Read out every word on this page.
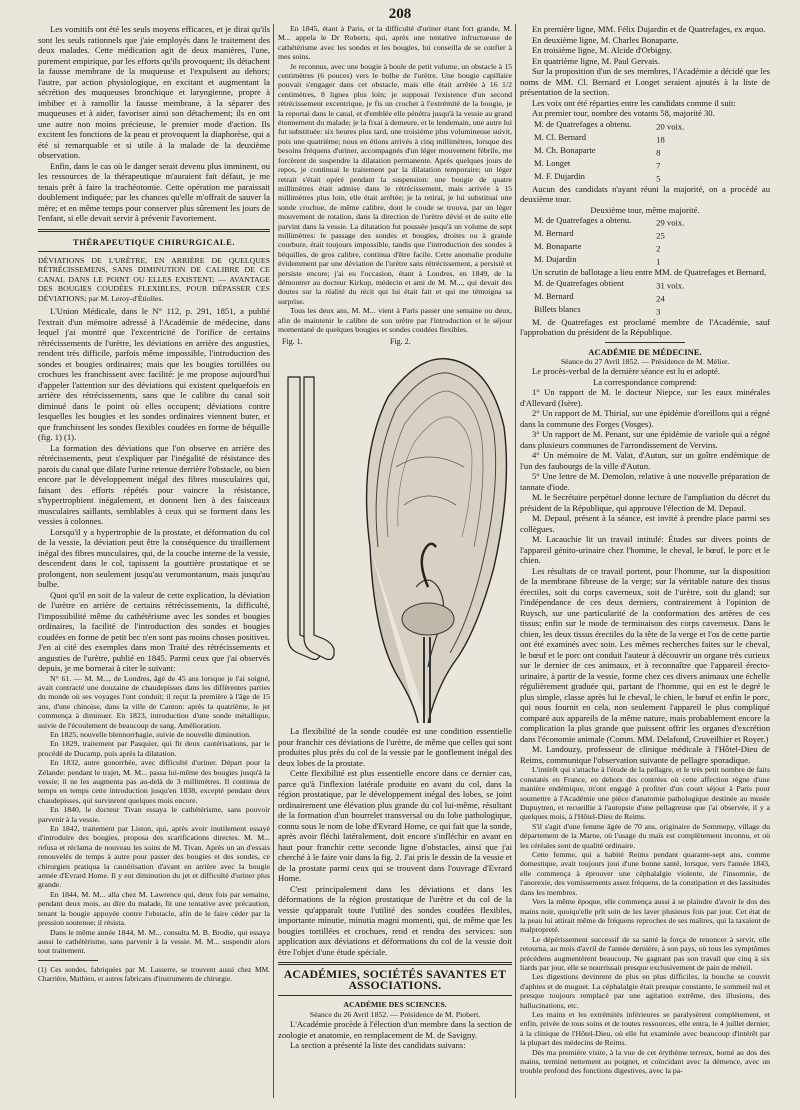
208

Les vomitifs ont été les seuls moyens efficaces, et je dirai qu'ils sont les seuls rationnels que j'aie employés dans le traitement des deux malades. Cette médication agit de deux manières, l'une, purement empirique, par les efforts qu'ils provoquent; ils détachent la fausse membrane de la muqueuse et l'expulsent au dehors; l'autre, par action physiologique, en excitant et augmentant la sécrétion des muqueuses bronchique et laryngienne, propre à imbiber et à ramollir la fausse membrane, à la séparer des muqueuses et à aider, favoriser ainsi son détachement; ils en ont une autre non moins précieuse, le premier mode d'action. Ils excitent les fonctions de la peau et provoquent la diaphorèse, qui a été si remarquable et si utile à la malade de la deuxième observation.

Enfin, dans le cas où le danger serait devenu plus imminent, ou les ressources de la thérapeutique m'auraient fait défaut, je me tenais prêt à faire la trachéotomie. Cette opération me paraissait doublement indiquée; par les chances qu'elle m'offrait de sauver la mère; et en même temps pour conserver plus sûrement les jours de l'enfant, si elle devait servir à prévenir l'avortement.

THÉRAPEUTIQUE CHIRURGICALE.

DÉVIATIONS DE L'URÈTRE, EN ARRIÈRE DE QUELQUES RÉTRÉCISSEMENS, SANS DIMINUTION DE CALIBRE DE CE CANAL DANS LE POINT OU ELLES EXISTENT; — AVANTAGE DES BOUGIES COUDÉES FLEXIBLES, POUR DÉPASSER CES DÉVIATIONS; par M. Leroy-d'Étiolles.

L'Union Médicale, dans le N° 112, p. 291, 1851, a publié l'extrait d'un mémoire adressé à l'Académie de médecine, dans lequel j'ai montré que l'excentricité de l'orifice de certains rétrécissements de l'urètre, les déviations en arrière des angusties, rendent très difficile, parfois même impossible, l'introduction des sondes et bougies ordinaires; mais que les bougies tortillées ou crochues les franchissent avec facilité: je me propose aujourd'hui d'appeler l'attention sur des déviations qui existent quelquefois en arrière des rétrécissements, sans que le calibre du canal soit diminué dans le point où elles occupent; déviations contre lesquelles les bougies et les sondes ordinaires viennent buter, et que franchissent les sondes flexibles coudées en forme de béquille (fig. 1) (1).

La formation des déviations que l'on observe en arrière des rétrécissements, peut s'expliquer par l'inégalité de résistance des parois du canal que dilate l'urine retenue derrière l'obstacle, ou bien encore par le développement inégal des fibres musculaires qui, faisant des efforts répétés pour vaincre la résistance, s'hypertrophient inégalement, et donnent lien à des faisceaux musculaires saillants, semblables à ceux qui se forment dans les vessies à colonnes.

Lorsqu'il y a hypertrophie de la prostate, et déformation du col de la vessie, la déviation peut être la conséquence du tiraillement inégal des fibres musculaires, qui, de la couche interne de la vessie, descendent dans le col, tapissent la gouttière prostatique et se prolongent, non seulement jusqu'au verumontanum, mais jusqu'au bulbe.

Quoi qu'il en soit de la valeur de cette explication, la déviation de l'urètre en arrière de certains rétrécissements, la difficulté, l'impossibilité même du cathétérisme avec les sondes et bougies ordinaires, la facilité de l'introduction des sondes et bougies coudées en forme de petit bec n'en sont pas moins choses positives. J'en ai cité des exemples dans mon Traité des rétrécissements et angusties de l'urètre, publié en 1845. Parmi ceux que j'ai observés depuis, je me bornerai à citer le suivant:

N° 61. — M. M..., de Londres, âgé de 45 ans lorsque je l'ai soigné, avait contracté une douzaine de chaudepisses dans les différentes parties du monde où ses voyages l'ont conduit; il reçut la première à l'âge de 15 ans, d'une chinoise, dans la ville de Canton: après la quatrième, le jet commença à diminuer. En 1823, introduction d'une sonde métallique, suivie de l'écoulement de beaucoup de sang. Amélioration.

En 1825, nouvelle blennorrhagie, suivie de nouvelle diminution.

En 1829, traitement par Pasquier, qui fit deux cautérisations, par le procédé de Ducamp, puis après la dilatation.

En 1832, autre gonorrhée, avec difficulté d'uriner. Départ pour la Zélande: pendant le trajet, M. M... passa lui-même des bougies jusqu'à la vessie; il ne les augmenta pas au-delà de 3 millimètres. Il continua de temps en temps cette introduction jusqu'en 1838, excepté pendant deux chaudepisses, qui survinrent quelques mois encore.

En 1840, le docteur Tivan essaya le cathétérisme, sans pouvoir parvenir à la vessie.

En 1842, traitement par Liston, qui, après avoir inutilement essayé d'introduire des bougies, proposa des scarifications directes. M. M... refusa et réclama de nouveau les soins de M. Tivan. Après un an d'essais renouvelés de temps à autre pour passer des bougies et des sondes, ce chirurgien pratiqua la cautérisation d'avant en arrière avec la bougie armée d'Evrard Home. Il y eut diminution du jet et difficulté d'uriner plus grande.

En 1844, M. M... alla chez M. Lawrence qui, deux fois par semaine, pendant deux mois, au dire du malade, fit une tentative avec précaution, tenant la bougie appuyée contre l'obstacle, afin de le faire céder par la pression soutenue; il résista.

Dans le même année 1844, M. M... consulta M. B. Brodie, qui essaya aussi le cathétérisme, sans parvenir à la vessie. M. M... suspendit alors tout traitement.

(1) Ces sondes, fabriquées par M. Lasserre, se trouvent aussi chez MM. Charrière, Mathieu, et autres fabricans d'instruments de chirurgie.

En 1845, étant à Paris, et la difficulté d'uriner étant fort grande, M. M... appela le Dr Roberts, qui, après une tentative infructueuse de cathétérisme avec les sondes et les bougies, lui conseilla de se confier à mes soins.

Je reconnus, avec une bougie à boule de petit volume, un obstacle à 15 centimètres (6 pouces) vers le bulbe de l'urètre. Une bougie capillaire pouvait s'engager dans cet obstacle, mais elle était arrêtée à 16 1/2 centimètres, 8 lignes plus loin; je supposai l'existence d'un second rétrécissement excentrique, je fis un crochet à l'extrémité de la bougie, je la reportai dans le canal, et d'emblée elle pénétra jusqu'à la vessie au grand étonnement du malade; je la fixai à demeure, et le lendemain, une autre lui fut substituée: six heures plus tard, une troisième plus volumineuse suivit, puis une quatrième; nous en étions arrivés à cinq millimètres, lorsque des besoins fréquens d'uriner, accompagnés d'un léger mouvement fébrile, me forcèrent de suspendre la dilatation permanente. Après quelques jours de repos, je continuai le traitement par la dilatation temporaire; un léger retrait s'était opéré pendant la suspension: une bougie de quatre millimètres était admise dans le rétrécissement, mais arrivée à 15 millimètres plus loin, elle était arrêtée; je la retirai, je lui substituai une sonde crochue, de même calibre, dont le coude se trouva, par un léger mouvement de rotation, dans la direction de l'urètre dévié et de suite elle parvint dans la vessie. La dilatation fut poussée jusqu'à un volume de sept millimètres: le passage des sondes et bougies, droites ou à grande courbure, était toujours impossible, tandis que l'introduction des sondes à béquilles, de gros calibre, continua d'être facile. Cette anomalie produite évidemment par une déviation de l'urètre sans rétrécissement, a persisté et persiste encore; j'ai eu l'occasion, étant à Londres, en 1849, de la démontrer au docteur Kirkup, médecin et ami de M. M..., qui devait des doutes sur la réalité du récit qui lui était fait et qui me témoigna sa surprise.

Tous les deux ans, M. M... vient à Paris passer une semaine ou deux, afin de maintenir le calibre de son urètre par l'introduction et le séjour momentané de quelques bougies et sondes coudées flexibles.

Fig. 1.	Fig. 2.

La flexibilité de la sonde coudée est une condition essentielle pour franchir ces déviations de l'urètre, de même que celles qui sont produites plus près du col de la vessie par le gonflement inégal des deux lobes de la prostate.

Cette flexibilité est plus essentielle encore dans ce dernier cas, parce qu'à l'inflexion latérale produite en avant du col, dans la région prostatique, par le développement inégal des lobes, se joint ordinairement une élévation plus grande du col lui-même, résultant de la formation d'un bourrelet transversal ou du lobe pathologique, connu sous le nom de lobe d'Evrard Home, ce qui fait que la sonde, après avoir fléchi latéralement, doit encore s'infléchir en avant en haut pour franchir cette seconde ligne d'obstacles, ainsi que j'ai cherché à le faire voir dans la fig. 2. J'ai pris le dessin de la vessie et de la prostate parmi ceux qui se trouvent dans l'ouvrage d'Evrard Home.

C'est principalement dans les déviations et dans les déformations de la région prostatique de l'urètre et du col de la vessie qu'apparaît toute l'utilité des sondes coudées flexibles, importante minutie, minutia magni momenti, qui, de même que les bougies tortillées et crochues, rend et rendra des services: son application aux déviations et déformations du col de la vessie doit être l'objet d'une étude spéciale.

ACADÉMIES, SOCIÉTÉS SAVANTES ET ASSOCIATIONS.

ACADÉMIE DES SCIENCES.

Séance du 26 Avril 1852. — Présidence de M. Piobert.

L'Académie procède à l'élection d'un membre dans la section de zoologie et anatomie, en remplacement de M. de Savigny.

La section a présenté la liste des candidats suivans:

En première ligne, MM. Félix Dujardin et de Quatrefages, ex æquo.

En deuxième ligne, M. Charles Bonaparte.

En troisième ligne, M. Alcide d'Orbigny.

En quatrième ligne, M. Paul Gervais.

Sur la proposition d'un de ses membres, l'Académie a décidé que les noms de MM. Cl. Bernard et Longet seraient ajoutés à la liste de présentation de la section.

Les voix ont été réparties entre les candidats comme il suit:

Au premier tour, nombre des votants 58, majorité 30.

M. de Quatrefages a obtenu.	20 voix.
M. Cl. Bernard	18
M. Ch. Bonaparte	8
M. Longet	7
M. F. Dujardin	5

Aucun des candidats n'ayant réuni la majorité, on a procédé au deuxième tour.

Deuxième tour, même majorité.

M. de Quatrefages a obtenu.	29 voix.
M. Bernard	25
M. Bonaparte	2
M. Dujardin	1

Un scrutin de ballotage a lieu entre MM. de Quatrefages et Bernard,

M. de Quatrefages obtient	31 voix.
M. Bernard	24
Billets blancs	3

M. de Quatrefages est proclamé membre de l'Académie, sauf l'approbation du président de la République.

ACADÉMIE DE MÉDECINE.

Séance du 27 Avril 1852. — Présidence de M. Mélier.

Le procès-verbal de la dernière séance est lu et adopté.

La correspondance comprend:

1° Un rapport de M. le docteur Niepce, sur les eaux minérales d'Allevard (Isère).

2° Un rapport de M. Thirial, sur une épidémie d'oreillons qui a régné dans la commune des Forges (Vosges).

3° Un rapport de M. Penant, sur une épidémie de variole qui a régné dans plusieurs communes de l'arrondissement de Vervins.

4° Un mémoire de M. Valat, d'Autun, sur un goître endémique de l'un des faubourgs de la ville d'Autun.

5° Une lettre de M. Demolon, relative à une nouvelle préparation de tannate d'iode.

M. le Secrétaire perpétuel donne lecture de l'ampliation du décret du président de la République, qui approuve l'élection de M. Depaul.

M. Depaul, présent à la séance, est invité à prendre place parmi ses collègues.

M. Lacauchie lit un travail intitulé: Études sur divers points de l'appareil génito-urinaire chez l'homme, le cheval, le bœuf, le porc et le chien.

Les résultats de ce travail portent, pour l'homme, sur la disposition de la membrane fibreuse de la verge; sur la véritable nature des tissus érectiles, soit du corps caverneux, soit de l'urètre, soit du gland; sur l'indépendance de ces deux derniers, contrairement à l'opinion de Ruysch, sur une particularité de la conformation des artères de ces tissus; enfin sur le mode de terminaison des corps caverneux. Dans le chien, les deux tissus érectiles du la tête de la verge et l'os de cette partie ont été examinés avec soin. Les mêmes recherches faites sur le cheval, le bœuf et le porc ont conduit l'auteur à découvrir un organe très curieux sur le dernier de ces animaux, et à reconnaître que l'appareil érecto-urinaire, à partir de la vessie, forme chez ces divers animaux une échelle régulièrement graduée qui, partant de l'homme, qui en est le degré le plus simple, classe après lui le cheval, le chien, le bœuf et enfin le porc, qui nous fournit en cela, non seulement l'appareil le plus compliqué comparé aux appareils de la même nature, mais probablement encore la complication la plus grande que puissent offrir les organes d'excrétion dans l'économie animale (Comm. MM. Delafond, Cruveilhier et Royer.)

M. Landouzy, professeur de clinique médicale à l'Hôtel-Dieu de Reims, communique l'observation suivante de pellagre sporadique.

L'intérêt qui s'attache à l'étude de la pellagre, et le très petit nombre de faits constatés en France, en dehors des contrées où cette affection règne d'une manière endémique, m'ont engagé à profiter d'un court séjour à Paris pour soumettre à l'Académie une pièce d'anatomie pathologique destinée au musée Dupuytren, et recueillie à l'autopsie d'une pellagreuse que j'ai observée, il y a quelques mois, à l'Hôtel-Dieu de Reims.

S'il s'agit d'une femme âgée de 70 ans, originaire de Sommepy, village du département de la Marne, où l'usage du maïs est complètement inconnu, et où les céréales sont de qualité ordinaire.

Cette femme, qui a habité Reims pendant quarante-sept ans, comme domestique, avait toujours joui d'une bonne santé, lorsque, vers l'année 1843, elle commença à éprouver une céphalalgie violente, de l'insomnie, de l'anorexie, des vomissements assez fréquens, de la constipation et des lassitudes dans les membres.

Vers la même époque, elle commença aussi à se plaindre d'avoir le dos des mains noir, quoiqu'elle prît soin de les laver plusieurs fois par jour. Cet état de la peau lui attirait même de fréquens reproches de ses maîtres, qui la taxaient de malpropreté.

Le dépérissement successif de sa santé la força de renoncer à servir, elle retourna, au mois d'avril de l'année dernière, à son pays, où tous les symptômes précédens augmentèrent beaucoup. Ne gagnant pas son travail que cinq à six liards par jour, elle se nourrissait presque exclusivement de pain de méteil.

Les digestions devinrent de plus en plus difficiles, la bouche se couvrit d'aphtes et de muguet. La céphalalgie était presque constante, le sommeil nul et presque toujours remplacé par une agitation extrême, des illusions, des hallucinations, etc.

Les mains et les extrémités inférieures se paralysèrent complètement, et enfin, privée de tous soins et de toutes ressources, elle entra, le 4 juillet dernier, à la clinique de l'Hôtel-Dieu, où elle fut examinée avec beaucoup d'intérêt par la plupart des médecins de Reims.

Dès ma première visite, à la vue de cet érythème terreux, borné au dos des mains, terminé nettement au poignet, et coïncidant avec la démence, avec un trouble profond des fonctions digestives, avec la pa-
